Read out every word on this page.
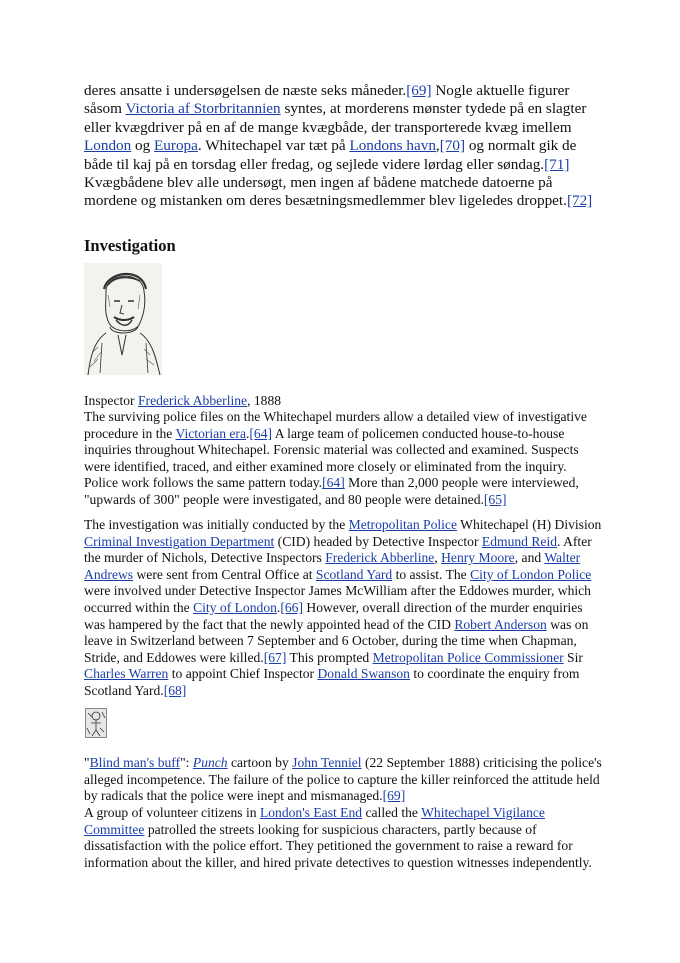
deres ansatte i undersøgelsen de næste seks måneder.[69] Nogle aktuelle figurer såsom Victoria af Storbritannien syntes, at morderens mønster tydede på en slagter eller kvægdriver på en af de mange kvægbåde, der transporterede kvæg imellem London og Europa. Whitechapel var tæt på Londons havn,[70] og normalt gik de både til kaj på en torsdag eller fredag, og sejlede videre lørdag eller søndag.[71] Kvægbådene blev alle undersøgt, men ingen af bådene matchede datoerne på mordene og mistanken om deres besætningsmedlemmer blev ligeledes droppet.[72]
Investigation
Inspector Frederick Abberline, 1888
The surviving police files on the Whitechapel murders allow a detailed view of investigative procedure in the Victorian era.[64] A large team of policemen conducted house-to-house inquiries throughout Whitechapel. Forensic material was collected and examined. Suspects were identified, traced, and either examined more closely or eliminated from the inquiry. Police work follows the same pattern today.[64] More than 2,000 people were interviewed, "upwards of 300" people were investigated, and 80 people were detained.[65]
The investigation was initially conducted by the Metropolitan Police Whitechapel (H) Division Criminal Investigation Department (CID) headed by Detective Inspector Edmund Reid. After the murder of Nichols, Detective Inspectors Frederick Abberline, Henry Moore, and Walter Andrews were sent from Central Office at Scotland Yard to assist. The City of London Police were involved under Detective Inspector James McWilliam after the Eddowes murder, which occurred within the City of London.[66] However, overall direction of the murder enquiries was hampered by the fact that the newly appointed head of the CID Robert Anderson was on leave in Switzerland between 7 September and 6 October, during the time when Chapman, Stride, and Eddowes were killed.[67] This prompted Metropolitan Police Commissioner Sir Charles Warren to appoint Chief Inspector Donald Swanson to coordinate the enquiry from Scotland Yard.[68]
"Blind man's buff": Punch cartoon by John Tenniel (22 September 1888) criticising the police's alleged incompetence. The failure of the police to capture the killer reinforced the attitude held by radicals that the police were inept and mismanaged.[69]
A group of volunteer citizens in London's East End called the Whitechapel Vigilance Committee patrolled the streets looking for suspicious characters, partly because of dissatisfaction with the police effort. They petitioned the government to raise a reward for information about the killer, and hired private detectives to question witnesses independently.
